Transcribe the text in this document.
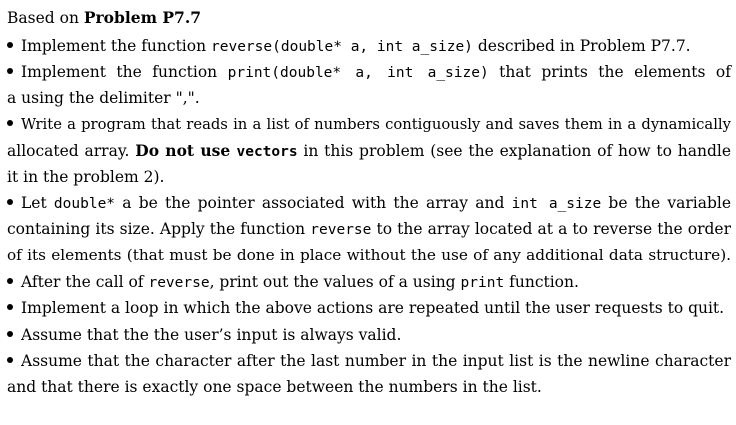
Based on Problem P7.7
Implement the function reverse(double* a, int a_size) described in Problem P7.7.
Implement the function print(double* a, int a_size) that prints the elements of
a using the delimiter ",".
Write a program that reads in a list of numbers contiguously and saves them in a dynamically
allocated array. Do not use vectors in this problem (see the explanation of how to handle
it in the problem 2).
Let double* a be the pointer associated with the array and int a_size be the variable
containing its size. Apply the function reverse to the array located at a to reverse the order
of its elements (that must be done in place without the use of any additional data structure).
After the call of reverse, print out the values of a using print function.
Implement a loop in which the above actions are repeated until the user requests to quit.
Assume that the the user’s input is always valid.
Assume that the character after the last number in the input list is the newline character
and that there is exactly one space between the numbers in the list.
